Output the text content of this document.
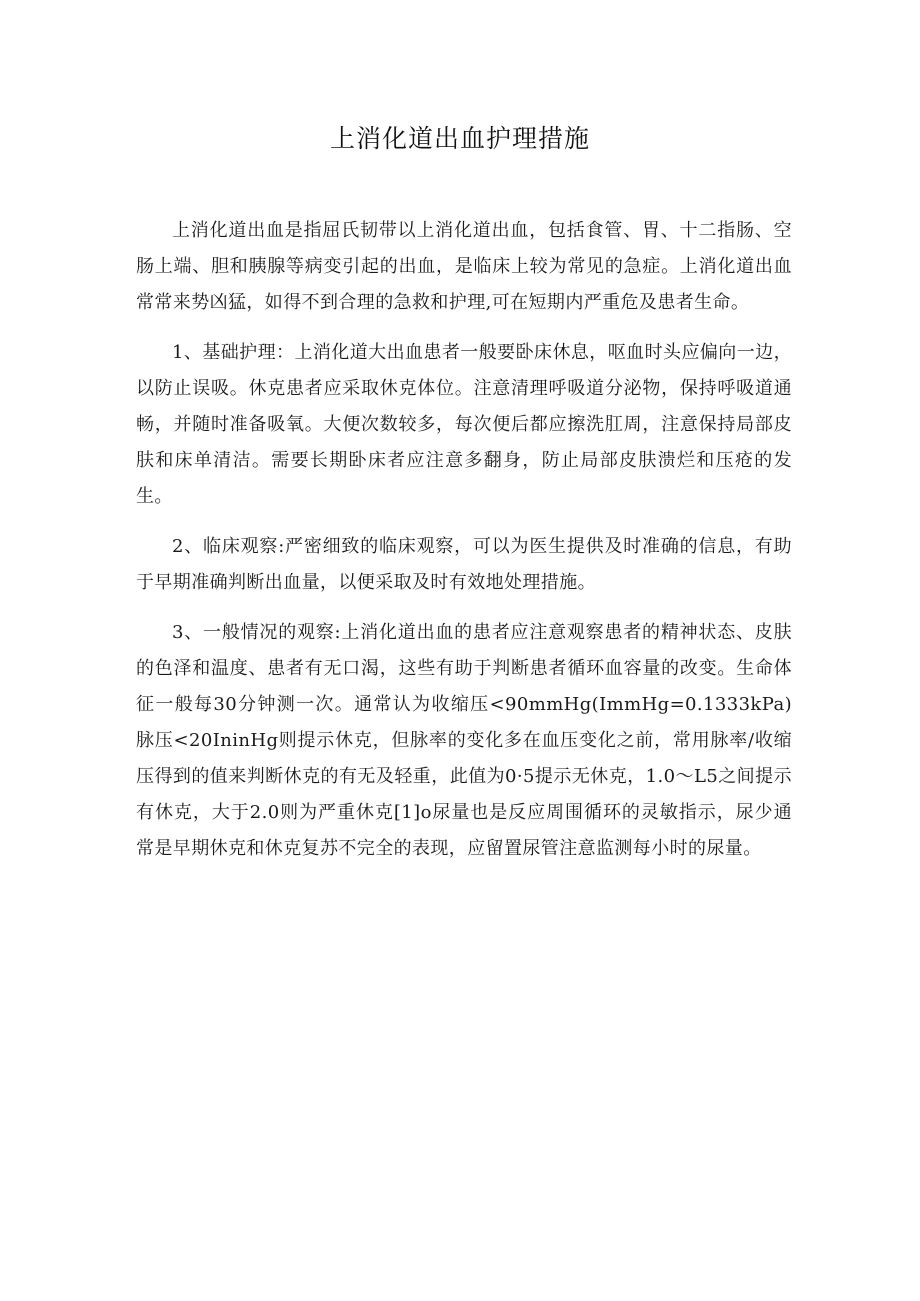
上消化道出血护理措施

上消化道出血是指屈氏韧带以上消化道出血，包括食管、胃、十二指肠、空肠上端、胆和胰腺等病变引起的出血，是临床上较为常见的急症。上消化道出血常常来势凶猛，如得不到合理的急救和护理,可在短期内严重危及患者生命。

1、基础护理：上消化道大出血患者一般要卧床休息，呕血时头应偏向一边，以防止误吸。休克患者应采取休克体位。注意清理呼吸道分泌物，保持呼吸道通畅，并随时准备吸氧。大便次数较多，每次便后都应擦洗肛周，注意保持局部皮肤和床单清洁。需要长期卧床者应注意多翻身，防止局部皮肤溃烂和压疮的发生。

2、临床观察:严密细致的临床观察，可以为医生提供及时准确的信息，有助于早期准确判断出血量，以便采取及时有效地处理措施。

3、一般情况的观察:上消化道出血的患者应注意观察患者的精神状态、皮肤的色泽和温度、患者有无口渴，这些有助于判断患者循环血容量的改变。生命体征一般每30分钟测一次。通常认为收缩压<90mmHg(ImmHg=0.1333kPa)脉压<20IninHg则提示休克，但脉率的变化多在血压变化之前，常用脉率/收缩压得到的值来判断休克的有无及轻重，此值为0·5提示无休克，1.0～L5之间提示有休克，大于2.0则为严重休克[1]o尿量也是反应周围循环的灵敏指示，尿少通常是早期休克和休克复苏不完全的表现，应留置尿管注意监测每小时的尿量。
